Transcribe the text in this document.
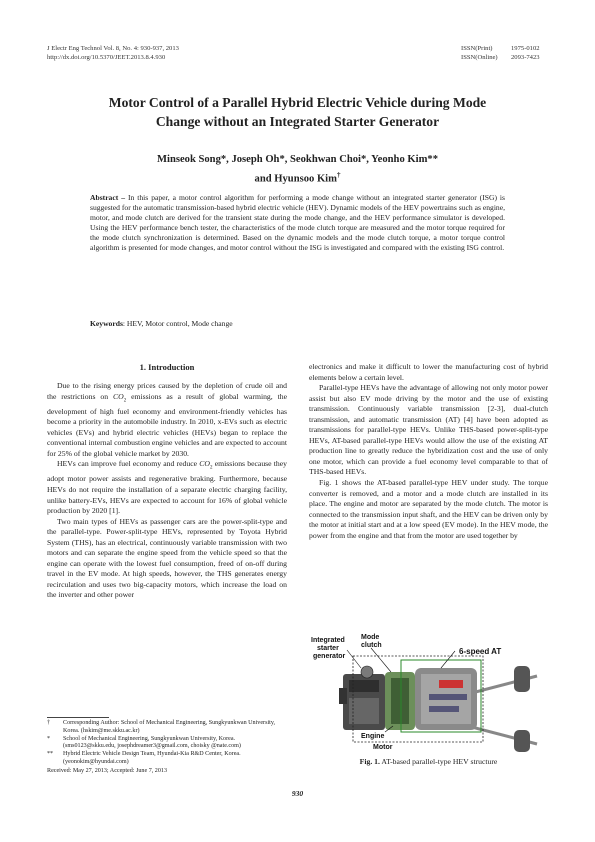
J Electr Eng Technol Vol. 8, No. 4: 930-937, 2013
http://dx.doi.org/10.5370/JEET.2013.8.4.930
ISSN(Print)	1975-0102
ISSN(Online) 2093-7423
Motor Control of a Parallel Hybrid Electric Vehicle during Mode
Change without an Integrated Starter Generator
Minseok Song*, Joseph Oh*, Seokhwan Choi*, Yeonho Kim**
and Hyunsoo Kim†
Abstract – In this paper, a motor control algorithm for performing a mode change without an integrated starter generator (ISG) is suggested for the automatic transmission-based hybrid electric vehicle (HEV). Dynamic models of the HEV powertrains such as engine, motor, and mode clutch are derived for the transient state during the mode change, and the HEV performance simulator is developed. Using the HEV performance bench tester, the characteristics of the mode clutch torque are measured and the motor torque required for the mode clutch synchronization is determined. Based on the dynamic models and the mode clutch torque, a motor torque control algorithm is presented for mode changes, and motor control without the ISG is investigated and compared with the existing ISG control.
Keywords: HEV, Motor control, Mode change
1. Introduction

Due to the rising energy prices caused by the depletion of crude oil and the restrictions on $CO_2$ emissions as a result of global warming, the development of high fuel economy and environment-friendly vehicles has become a priority in the automobile industry. In 2010, x-EVs such as electric vehicles (EVs) and hybrid electric vehicles (HEVs) began to replace the conventional internal combustion engine vehicles and are expected to account for 25% of the global vehicle market by 2030.

HEVs can improve fuel economy and reduce $CO_2$ emissions because they adopt motor power assists and regenerative braking. Furthermore, because HEVs do not require the installation of a separate electric charging facility, unlike battery-EVs, HEVs are expected to account for 16% of global vehicle production by 2020 [1].

Two main types of HEVs as passenger cars are the power-split-type and the parallel-type. Power-split-type HEVs, represented by Toyota Hybrid System (THS), has an electrical, continuously variable transmission with two motors and can separate the engine speed from the vehicle speed so that the engine can operate with the lowest fuel consumption, freed of on-off during travel in the EV mode. At high speeds, however, the THS generates energy recirculation and uses two big-capacity motors, which increase the load on the inverter and other power

† Corresponding Author: School of Mechanical Engineering, Sungkyunkwan University, Korea. (hskim@me.skku.ac.kr)
* School of Mechanical Engineering, Sungkyunkwan University, Korea. (sms0123@skku.edu, josephdreamer3@gmail.com, choisky @nate.com)
** Hybrid Electric Vehicle Design Team, Hyundai-Kia R&D Center, Korea. (yeonokim@hyundai.com)
Received: May 27, 2013; Accepted: June 7, 2013

electronics and make it difficult to lower the manufacturing cost of hybrid elements below a certain level.

Parallel-type HEVs have the advantage of allowing not only motor power assist but also EV mode driving by the motor and the use of existing transmission. Continuously variable transmission [2-3], dual-clutch transmission, and automatic transmission (AT) [4] have been adopted as transmissions for parallel-type HEVs. Unlike THS-based power-split-type HEVs, AT-based parallel-type HEVs would allow the use of the existing AT production line to greatly reduce the hybridization cost and the use of only one motor, which can provide a fuel economy level comparable to that of THS-based HEVs.

Fig. 1 shows the AT-based parallel-type HEV under study. The torque converter is removed, and a motor and a mode clutch are installed in its place. The engine and motor are separated by the mode clutch. The motor is connected to the transmission input shaft, and the HEV can be driven only by the motor at initial start and at a low speed (EV mode). In the HEV mode, the power from the engine and that from the motor are used together by

Integrated starter generator
Mode clutch
6-speed AT
Engine
Motor
Fig. 1. AT-based parallel-type HEV structure
930
